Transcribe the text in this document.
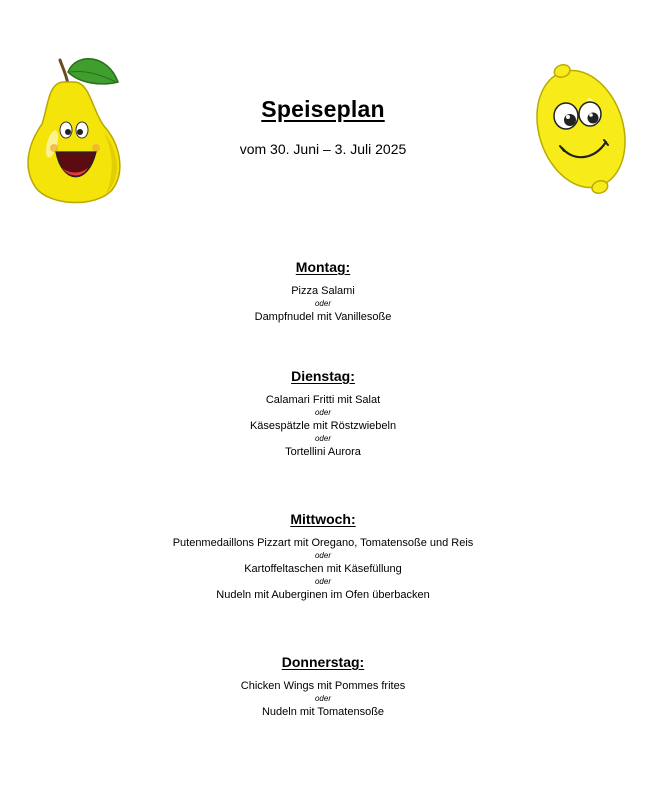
Speiseplan
vom 30. Juni – 3. Juli 2025
Montag:
Pizza Salami
oder
Dampfnudel mit Vanillesoße
Dienstag:
Calamari Fritti mit Salat
oder
Käsespätzle mit Röstzwiebeln
oder
Tortellini Aurora
Mittwoch:
Putenmedaillons Pizzart mit Oregano, Tomatensoße und Reis
oder
Kartoffeltaschen mit Käsefüllung
oder
Nudeln mit Auberginen im Ofen überbacken
Donnerstag:
Chicken Wings mit Pommes frites
oder
Nudeln mit Tomatensoße
